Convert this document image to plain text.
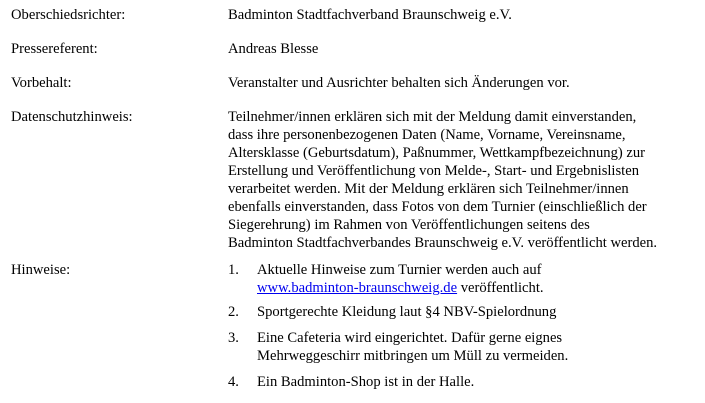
Oberschiedsrichter:	Badminton Stadtfachverband Braunschweig e.V.
Pressereferent:	Andreas Blesse
Vorbehalt:	Veranstalter und Ausrichter behalten sich Änderungen vor.
Datenschutzhinweis:	Teilnehmer/innen erklären sich mit der Meldung damit einverstanden,
dass ihre personenbezogenen Daten (Name, Vorname, Vereinsname,
Altersklasse (Geburtsdatum), Paßnummer, Wettkampfbezeichnung) zur
Erstellung und Veröffentlichung von Melde-, Start- und Ergebnislisten
verarbeitet werden. Mit der Meldung erklären sich Teilnehmer/innen
ebenfalls einverstanden, dass Fotos von dem Turnier (einschließlich der
Siegerehrung) im Rahmen von Veröffentlichungen seitens des
Badminton Stadtfachverbandes Braunschweig e.V. veröffentlicht werden.
Hinweise:	1. Aktuelle Hinweise zum Turnier werden auch auf
www.badminton-braunschweig.de veröffentlicht.
2. Sportgerechte Kleidung laut §4 NBV-Spielordnung
3. Eine Cafeteria wird eingerichtet. Dafür gerne eignes
Mehrweggeschirr mitbringen um Müll zu vermeiden.
4. Ein Badminton-Shop ist in der Halle.
